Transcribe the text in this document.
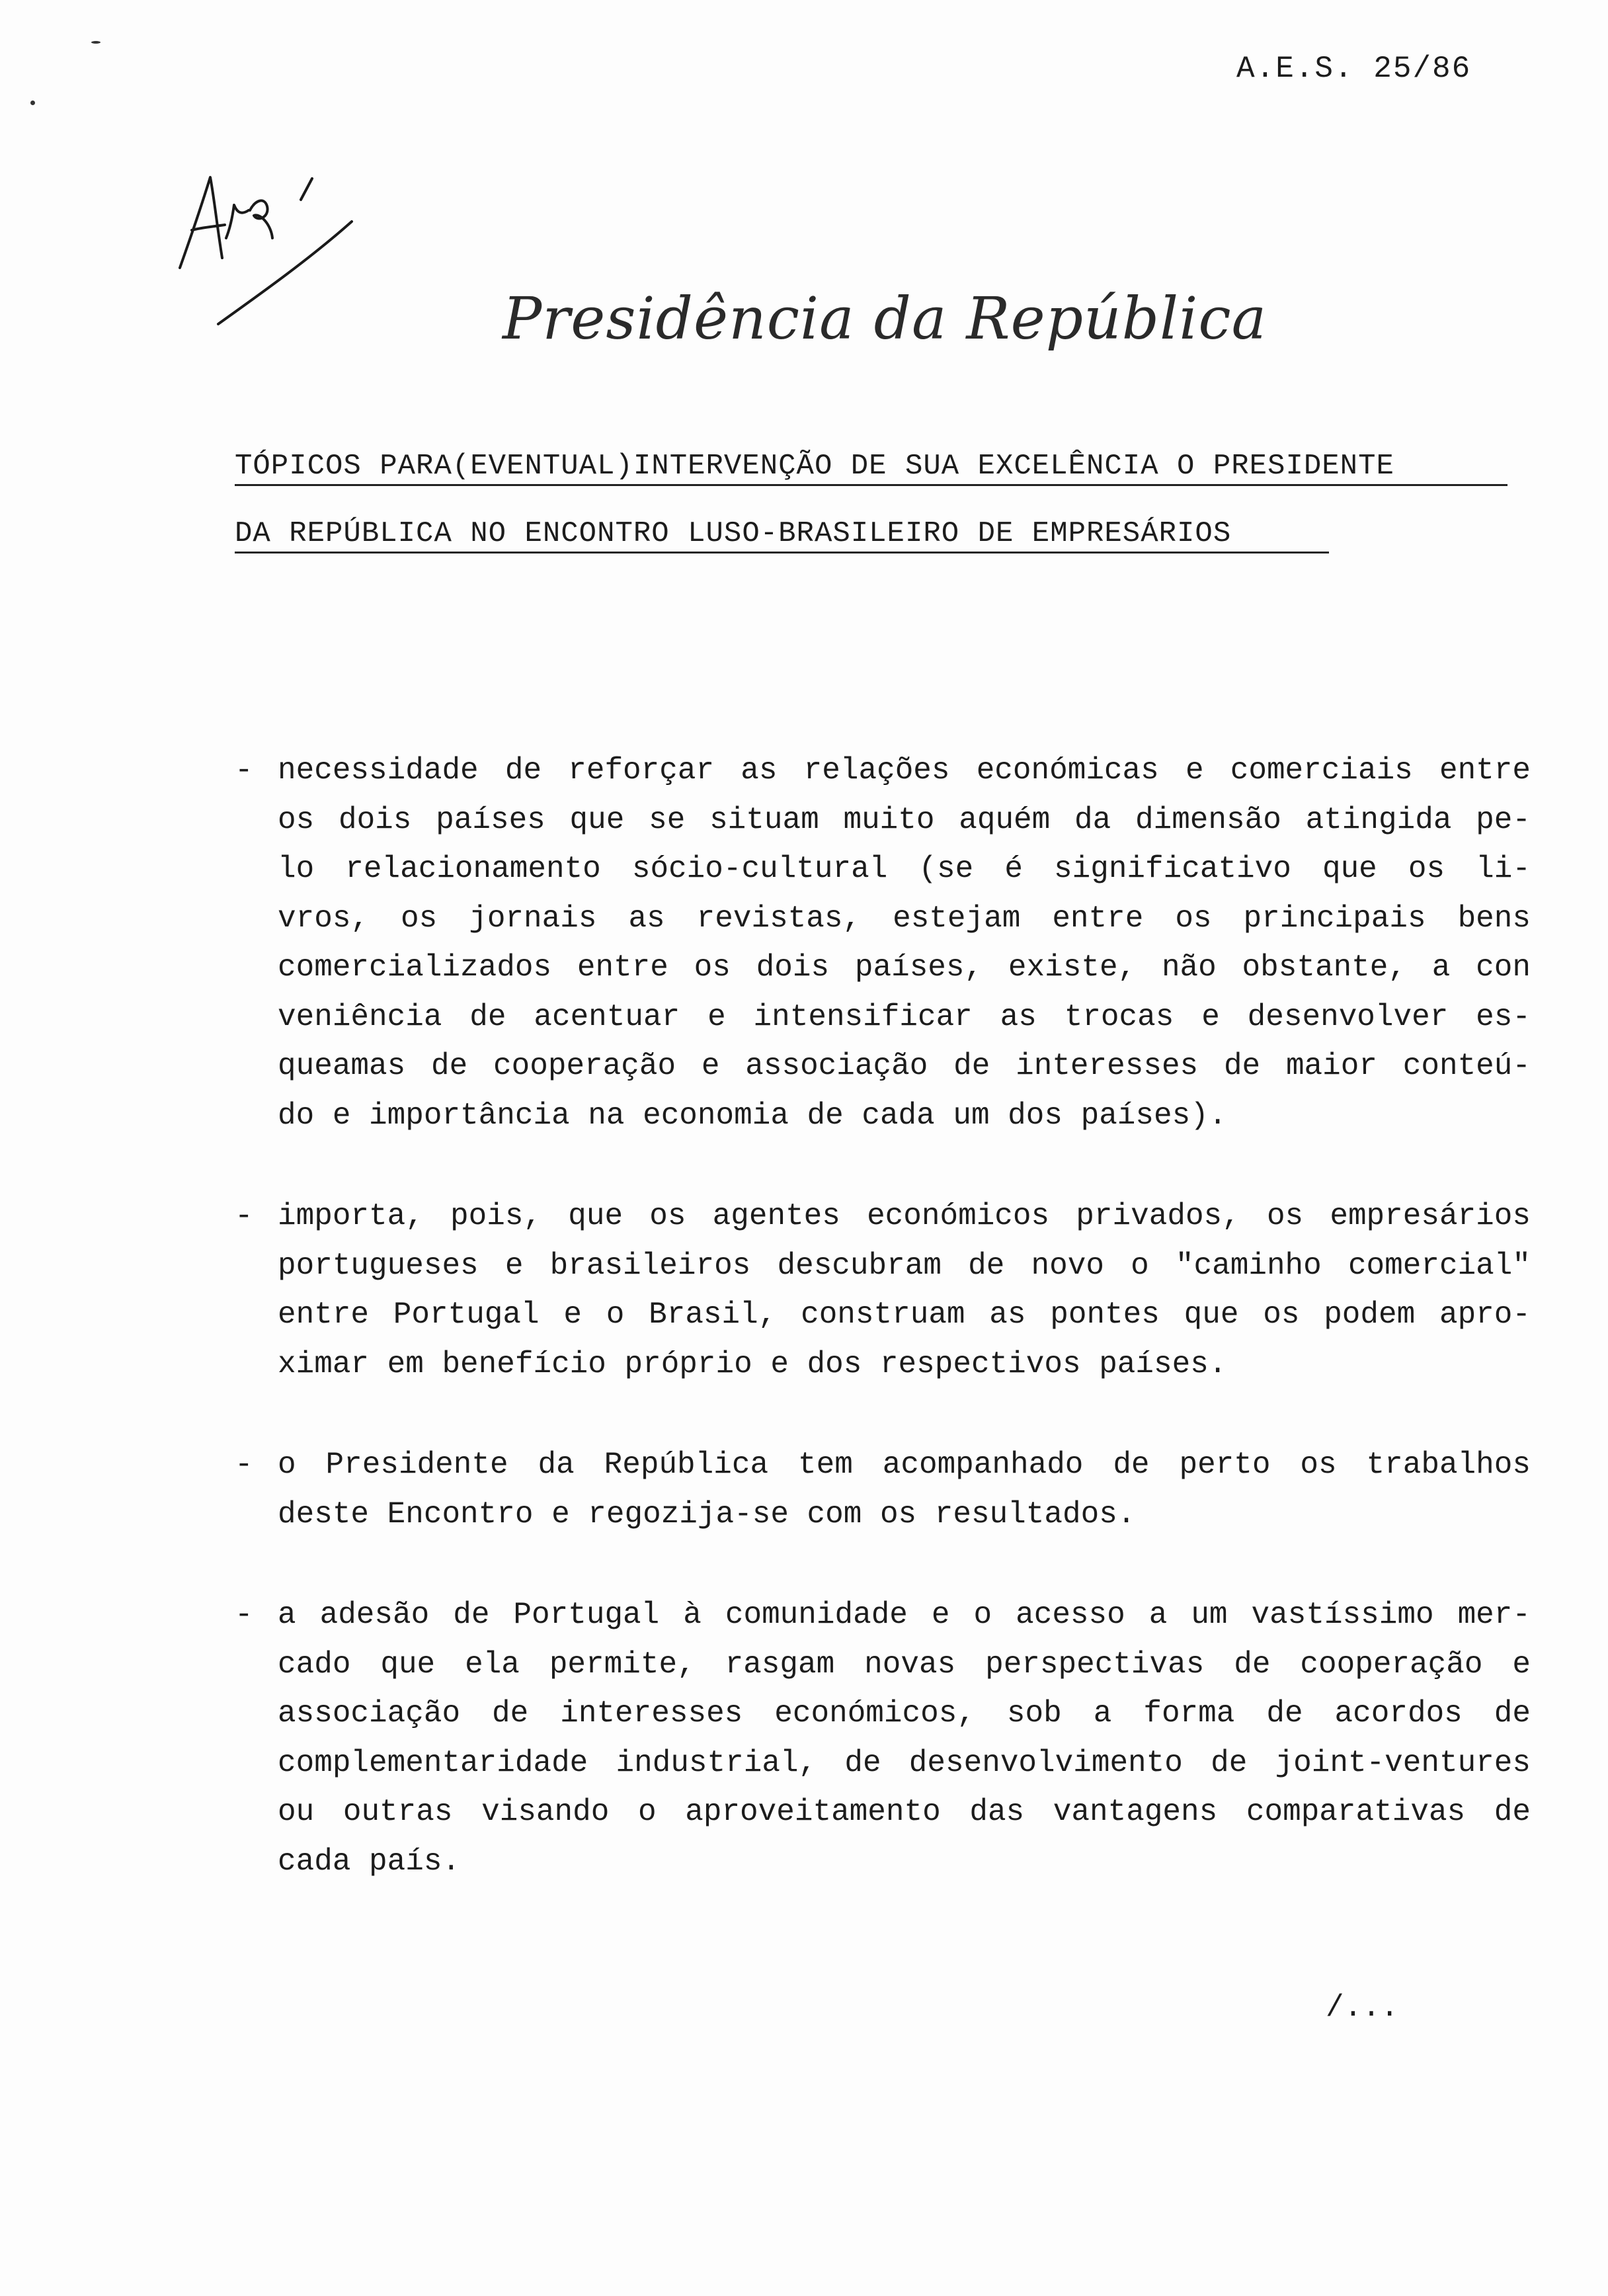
A.E.S. 25/86
Presidência da República
TÓPICOS PARA(EVENTUAL)INTERVENÇÃO DE SUA EXCELÊNCIA O PRESIDENTE
DA REPÚBLICA NO ENCONTRO LUSO-BRASILEIRO DE EMPRESÁRIOS
- necessidade de reforçar as relações económicas e comerciais entre
os dois países que se situam muito aquém da dimensão atingida pe-
lo relacionamento sócio-cultural (se é significativo que os li-
vros, os jornais as revistas, estejam entre os principais bens
comercializados entre os dois países, existe, não obstante, a con
veniência de acentuar e intensificar as trocas e desenvolver es-
queamas de cooperação e associação de interesses de maior conteú-
do e importância na economia de cada um dos países).
- importa, pois, que os agentes económicos privados, os empresários
portugueses e brasileiros descubram de novo o "caminho comercial"
entre Portugal e o Brasil, construam as pontes que os podem apro-
ximar em benefício próprio e dos respectivos países.
- o Presidente da República tem acompanhado de perto os trabalhos
deste Encontro e regozija-se com os resultados.
- a adesão de Portugal à comunidade e o acesso a um vastíssimo mer-
cado que ela permite, rasgam novas perspectivas de cooperação e
associação de interesses económicos, sob a forma de acordos de
complementaridade industrial, de desenvolvimento de joint-ventures
ou outras visando o aproveitamento das vantagens comparativas de
cada país.
/...
